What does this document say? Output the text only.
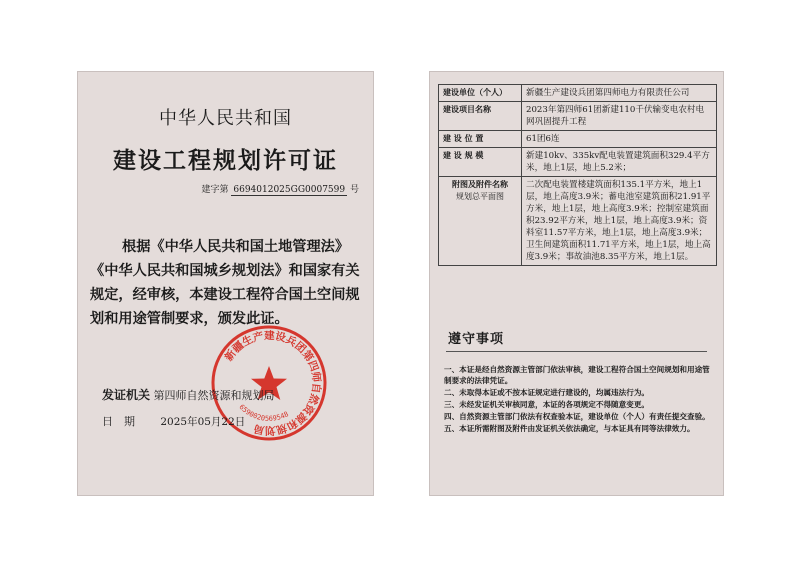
中华人民共和国
建设工程规划许可证
建字第 6694012025GG0007599 号
根据《中华人民共和国土地管理法》《中华人民共和国城乡规划法》和国家有关规定，经审核，本建设工程符合国土空间规划和用途管制要求，颁发此证。
新疆生产建设兵团第四师自然资源和规划局
6590020569548
发证机关 第四师自然资源和规划局
日　期 2025年05月22日
建设单位（个人）	新疆生产建设兵团第四师电力有限责任公司
建设项目名称	2023年第四师61团新建110千伏输变电农村电网巩固提升工程
建 设 位 置	61团6连
建 设 规 模	新建10kv、335kv配电装置建筑面积329.4平方米，地上1层，地上5.2米；

附图及附件名称
规划总平面图	二次配电装置楼建筑面积135.1平方米，地上1层，地上高度3.9米；蓄电池室建筑面积21.91平方米，地上1层，地上高度3.9米；控制室建筑面积23.92平方米，地上1层，地上高度3.9米；资料室11.57平方米，地上1层，地上高度3.9米；卫生间建筑面积11.71平方米，地上1层，地上高度3.9米；事故油池8.35平方米，地上1层。
遵守事项
一、本证是经自然资源主管部门依法审核，建设工程符合国土空间规划和用途管制要求的法律凭证。
二、未取得本证或不按本证规定进行建设的，均属违法行为。
三、未经发证机关审核同意，本证的各项规定不得随意变更。
四、自然资源主管部门依法有权查验本证，建设单位（个人）有责任提交查验。
五、本证所需附图及附件由发证机关依法确定，与本证具有同等法律效力。
